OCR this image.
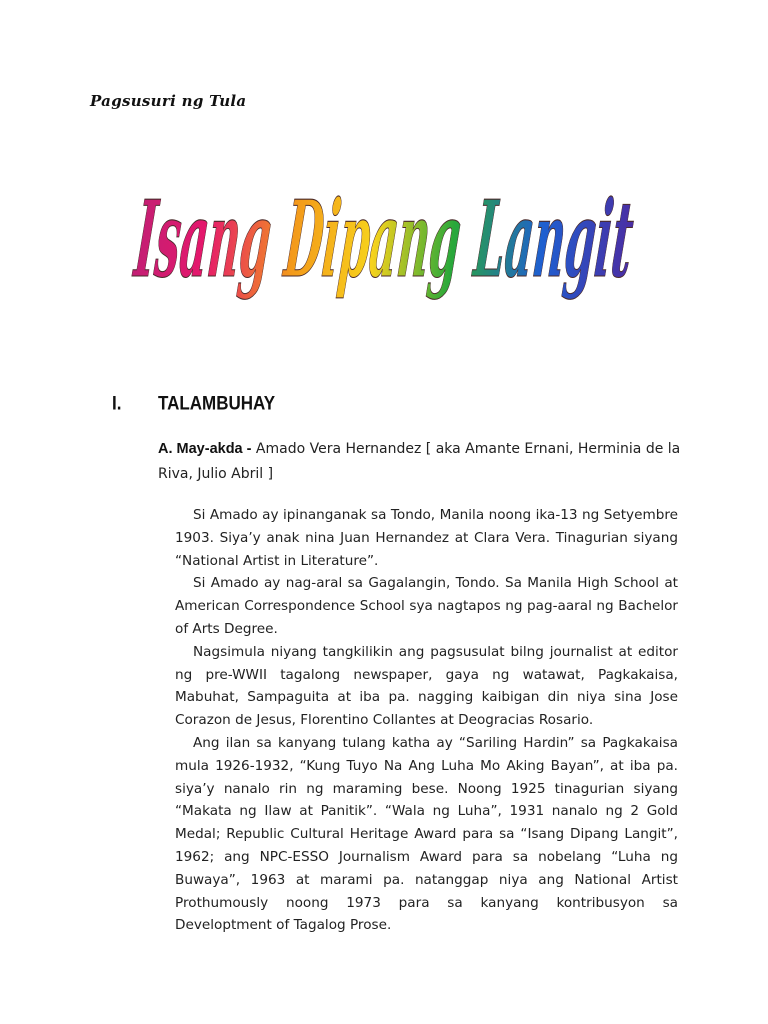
Pagsusuri ng Tula
Isang Dipang Langit
I. TALAMBUHAY
A. May-akda - Amado Vera Hernandez [ aka Amante Ernani, Herminia de la Riva, Julio Abril ]

Si Amado ay ipinanganak sa Tondo, Manila noong ika-13 ng Setyembre 1903. Siya’y anak nina Juan Hernandez at Clara Vera. Tinagurian siyang “National Artist in Literature”.

Si Amado ay nag-aral sa Gagalangin, Tondo. Sa Manila High School at American Correspondence School sya nagtapos ng pag-aaral ng Bachelor of Arts Degree.

Nagsimula niyang tangkilikin ang pagsusulat bilng journalist at editor ng pre-WWII tagalong newspaper, gaya ng watawat, Pagkakaisa, Mabuhat, Sampaguita at iba pa. nagging kaibigan din niya sina Jose Corazon de Jesus, Florentino Collantes at Deogracias Rosario.

Ang ilan sa kanyang tulang katha ay “Sariling Hardin” sa Pagkakaisa mula 1926-1932, “Kung Tuyo Na Ang Luha Mo Aking Bayan”, at iba pa. siya’y nanalo rin ng maraming bese. Noong 1925 tinagurian siyang “Makata ng Ilaw at Panitik”. “Wala ng Luha”, 1931 nanalo ng 2 Gold Medal; Republic Cultural Heritage Award para sa “Isang Dipang Langit”, 1962; ang NPC-ESSO Journalism Award para sa nobelang “Luha ng Buwaya”, 1963 at marami pa. natanggap niya ang National Artist Prothumously noong 1973 para sa kanyang kontribusyon sa Developtment of Tagalog Prose.
